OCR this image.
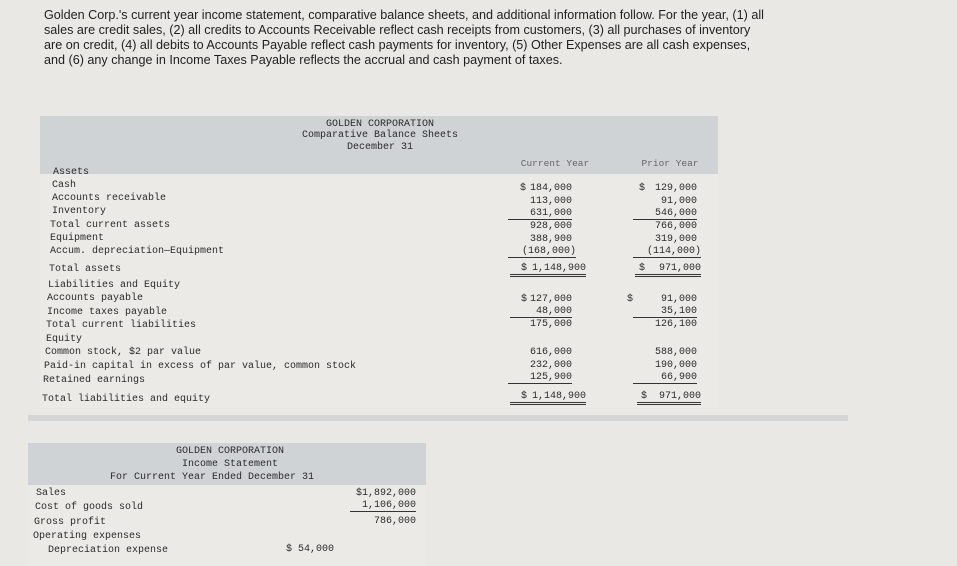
Golden Corp.'s current year income statement, comparative balance sheets, and additional information follow. For the year, (1) all sales are credit sales, (2) all credits to Accounts Receivable reflect cash receipts from customers, (3) all purchases of inventory are on credit, (4) all debits to Accounts Payable reflect cash payments for inventory, (5) Other Expenses are all cash expenses, and (6) any change in Income Taxes Payable reflects the accrual and cash payment of taxes.
GOLDEN CORPORATION
Comparative Balance Sheets
December 31
Current Year	Prior Year
Assets
Cash	$ 184,000	$ 129,000
Accounts receivable	113,000	91,000
Inventory	631,000	546,000
Total current assets	928,000	766,000
Equipment	388,900	319,000
Accum. depreciation—Equipment	(168,000)	(114,000)
Total assets	$ 1,148,900	$	971,000
Liabilities and Equity
Accounts payable	$ 127,000	$	91,000
Income taxes payable	48,000	35,100
Total current liabilities	175,000	126,100
Equity
Common stock, $2 par value	616,000	588,000
Paid-in capital in excess of par value, common stock	232,000	190,000
Retained earnings	125,900	66,900
Total liabilities and equity	$ 1,148,900	$	971,000
GOLDEN CORPORATION
Income Statement
For Current Year Ended December 31
Sales	$1,892,000
Cost of goods sold	1,106,000
Gross profit	786,000
Operating expenses
Depreciation expense	$ 54,000
